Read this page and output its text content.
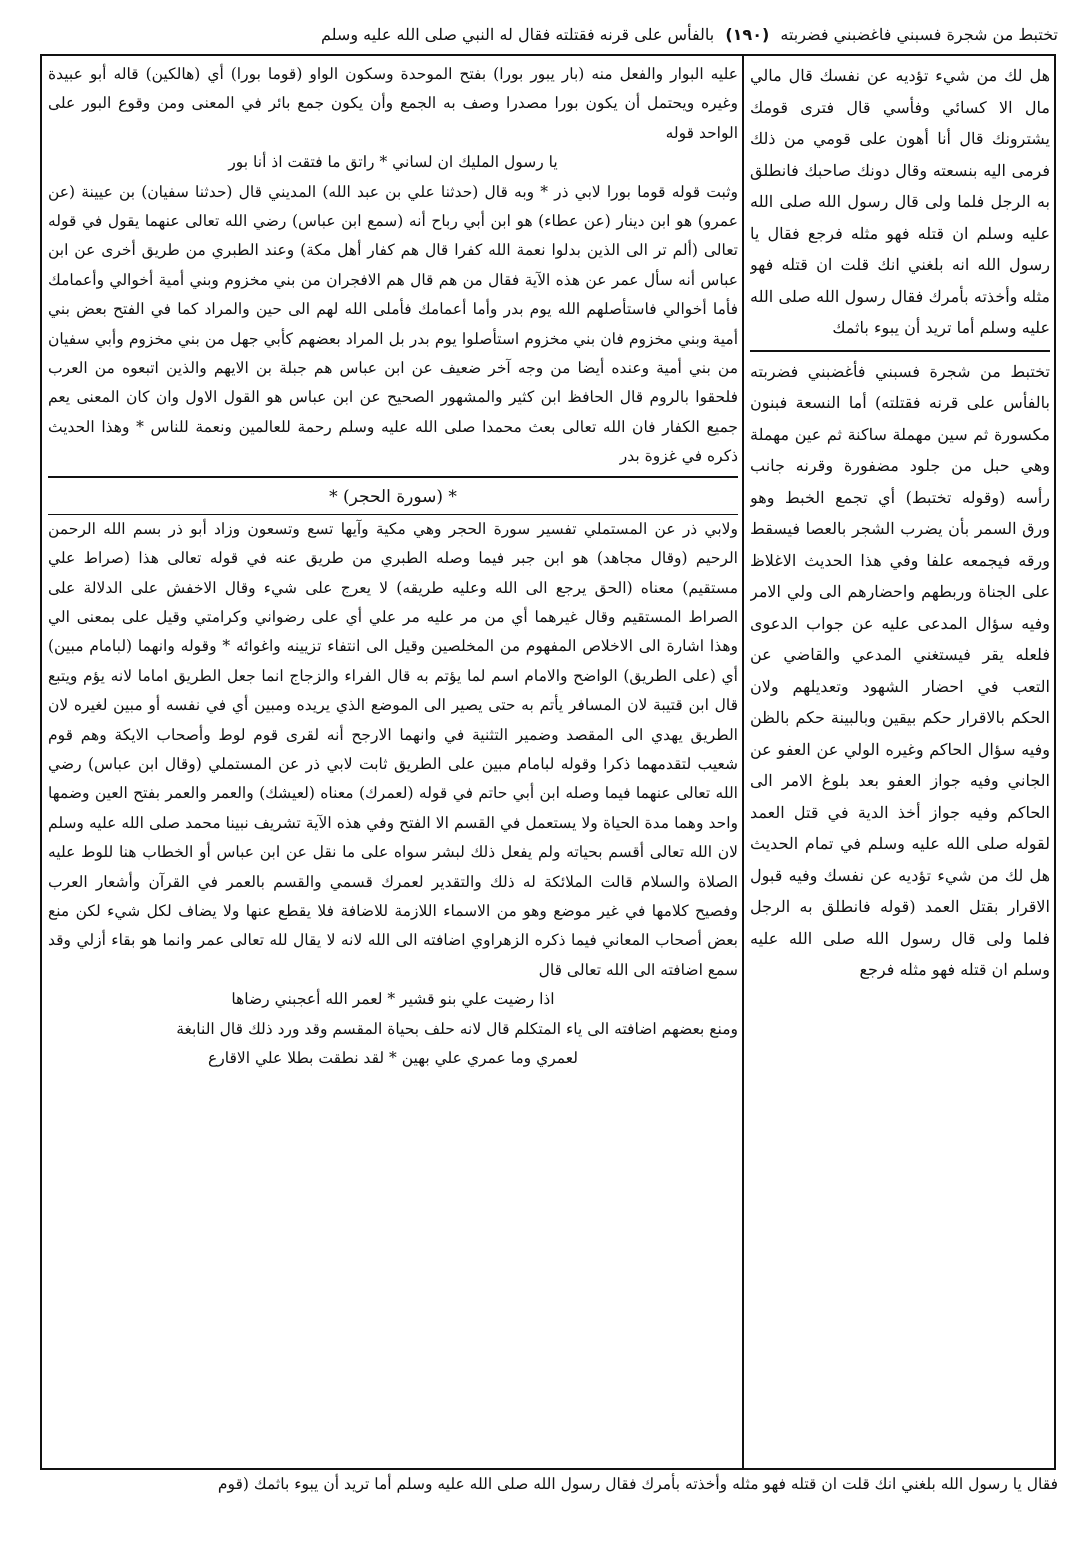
تختبط من شجرة فسبني فاغضبني فضربته (١٩٠) بالفأس على قرنه فقتلته فقال له النبي صلى الله عليه وسلم

عليه البوار والفعل منه (بار يبور بورا) بفتح الموحدة وسكون الواو (قوما بورا) أي (هالكين) قاله أبو عبيدة وغيره ويحتمل أن يكون بورا مصدرا وصف به الجمع وأن يكون جمع بائر في المعنى ومن وقوع البور على الواحد قوله

يا رسول المليك ان لساني * راتق ما فتقت اذ أنا بور

وثبت قوله قوما بورا لابي ذر * وبه قال (حدثنا علي بن عبد الله) المديني قال (حدثنا سفيان) بن عيينة (عن عمرو) هو ابن دينار (عن عطاء) هو ابن أبي رباح أنه (سمع ابن عباس) رضي الله تعالى عنهما يقول في قوله تعالى (ألم تر الى الذين بدلوا نعمة الله كفرا قال هم كفار أهل مكة) وعند الطبري من طريق أخرى عن ابن عباس أنه سأل عمر عن هذه الآية فقال من هم قال هم الافجران من بني مخزوم وبني أمية أخوالي وأعمامك فأما أخوالي فاستأصلهم الله يوم بدر وأما أعمامك فأملى الله لهم الى حين والمراد كما في الفتح بعض بني أمية وبني مخزوم فان بني مخزوم استأصلوا يوم بدر بل المراد بعضهم كأبي جهل من بني مخزوم وأبي سفيان من بني أمية وعنده أيضا من وجه آخر ضعيف عن ابن عباس هم جبلة بن الايهم والذين اتبعوه من العرب فلحقوا بالروم قال الحافظ ابن كثير والمشهور الصحيح عن ابن عباس هو القول الاول وان كان المعنى يعم جميع الكفار فان الله تعالى بعث محمدا صلى الله عليه وسلم رحمة للعالمين ونعمة للناس * وهذا الحديث ذكره في غزوة بدر

* (سورة الحجر) *

ولابي ذر عن المستملي تفسير سورة الحجر وهي مكية وآيها تسع وتسعون وزاد أبو ذر بسم الله الرحمن الرحيم (وقال مجاهد) هو ابن جبر فيما وصله الطبري من طريق عنه في قوله تعالى هذا (صراط علي مستقيم) معناه (الحق يرجع الى الله وعليه طريقه) لا يعرج على شيء وقال الاخفش على الدلالة على الصراط المستقيم وقال غيرهما أي من مر عليه مر علي أي على رضواني وكرامتي وقيل على بمعنى الي وهذا اشارة الى الاخلاص المفهوم من المخلصين وقيل الى انتفاء تزيينه واغوائه * وقوله وانهما (لبامام مبين) أي (على الطريق) الواضح والامام اسم لما يؤتم به قال الفراء والزجاج انما جعل الطريق اماما لانه يؤم ويتبع قال ابن قتيبة لان المسافر يأتم به حتى يصير الى الموضع الذي يريده ومبين أي في نفسه أو مبين لغيره لان الطريق يهدي الى المقصد وضمير التثنية في وانهما الارجح أنه لقرى قوم لوط وأصحاب الايكة وهم قوم شعيب لتقدمهما ذكرا وقوله لبامام مبين على الطريق ثابت لابي ذر عن المستملي (وقال ابن عباس) رضي الله تعالى عنهما فيما وصله ابن أبي حاتم في قوله (لعمرك) معناه (لعيشك) والعمر والعمر بفتح العين وضمها واحد وهما مدة الحياة ولا يستعمل في القسم الا الفتح وفي هذه الآية تشريف نبينا محمد صلى الله عليه وسلم لان الله تعالى أقسم بحياته ولم يفعل ذلك لبشر سواه على ما نقل عن ابن عباس أو الخطاب هنا للوط عليه الصلاة والسلام قالت الملائكة له ذلك والتقدير لعمرك قسمي والقسم بالعمر في القرآن وأشعار العرب وفصيح كلامها في غير موضع وهو من الاسماء اللازمة للاضافة فلا يقطع عنها ولا يضاف لكل شيء لكن منع بعض أصحاب المعاني فيما ذكره الزهراوي اضافته الى الله لانه لا يقال لله تعالى عمر وانما هو بقاء أزلي وقد سمع اضافته الى الله تعالى قال

اذا رضيت علي بنو قشير * لعمر الله أعجبني رضاها

ومنع بعضهم اضافته الى ياء المتكلم قال لانه حلف بحياة المقسم وقد ورد ذلك قال النابغة

لعمري وما عمري علي بهين * لقد نطقت بطلا علي الاقارع

هل لك من شيء تؤديه عن نفسك قال مالي مال الا كسائي وفأسي قال فترى قومك يشترونك قال أنا أهون على قومي من ذلك فرمى اليه بنسعته وقال دونك صاحبك فانطلق به الرجل فلما ولى قال رسول الله صلى الله عليه وسلم ان قتله فهو مثله فرجع فقال يا رسول الله انه بلغني انك قلت ان قتله فهو مثله وأخذته بأمرك فقال رسول الله صلى الله عليه وسلم أما تريد أن يبوء باثمك

تختبط من شجرة فسبني فأغضبني فضربته بالفأس على قرنه فقتلته) أما النسعة فبنون مكسورة ثم سين مهملة ساكنة ثم عين مهملة وهي حبل من جلود مضفورة وقرنه جانب رأسه (وقوله تختبط) أي تجمع الخبط وهو ورق السمر بأن يضرب الشجر بالعصا فيسقط ورقه فيجمعه علفا وفي هذا الحديث الاغلاظ على الجناة وربطهم واحضارهم الى ولي الامر وفيه سؤال المدعى عليه عن جواب الدعوى فلعله يقر فيستغني المدعي والقاضي عن التعب في احضار الشهود وتعديلهم ولان الحكم بالاقرار حكم بيقين وبالبينة حكم بالظن وفيه سؤال الحاكم وغيره الولي عن العفو عن الجاني وفيه جواز العفو بعد بلوغ الامر الى الحاكم وفيه جواز أخذ الدية في قتل العمد لقوله صلى الله عليه وسلم في تمام الحديث هل لك من شيء تؤديه عن نفسك وفيه قبول الاقرار بقتل العمد (قوله فانطلق به الرجل فلما ولى قال رسول الله صلى الله عليه وسلم ان قتله فهو مثله فرجع

فقال يا رسول الله بلغني انك قلت ان قتله فهو مثله وأخذته بأمرك فقال رسول الله صلى الله عليه وسلم أما تريد أن يبوء باثمك (قوم
